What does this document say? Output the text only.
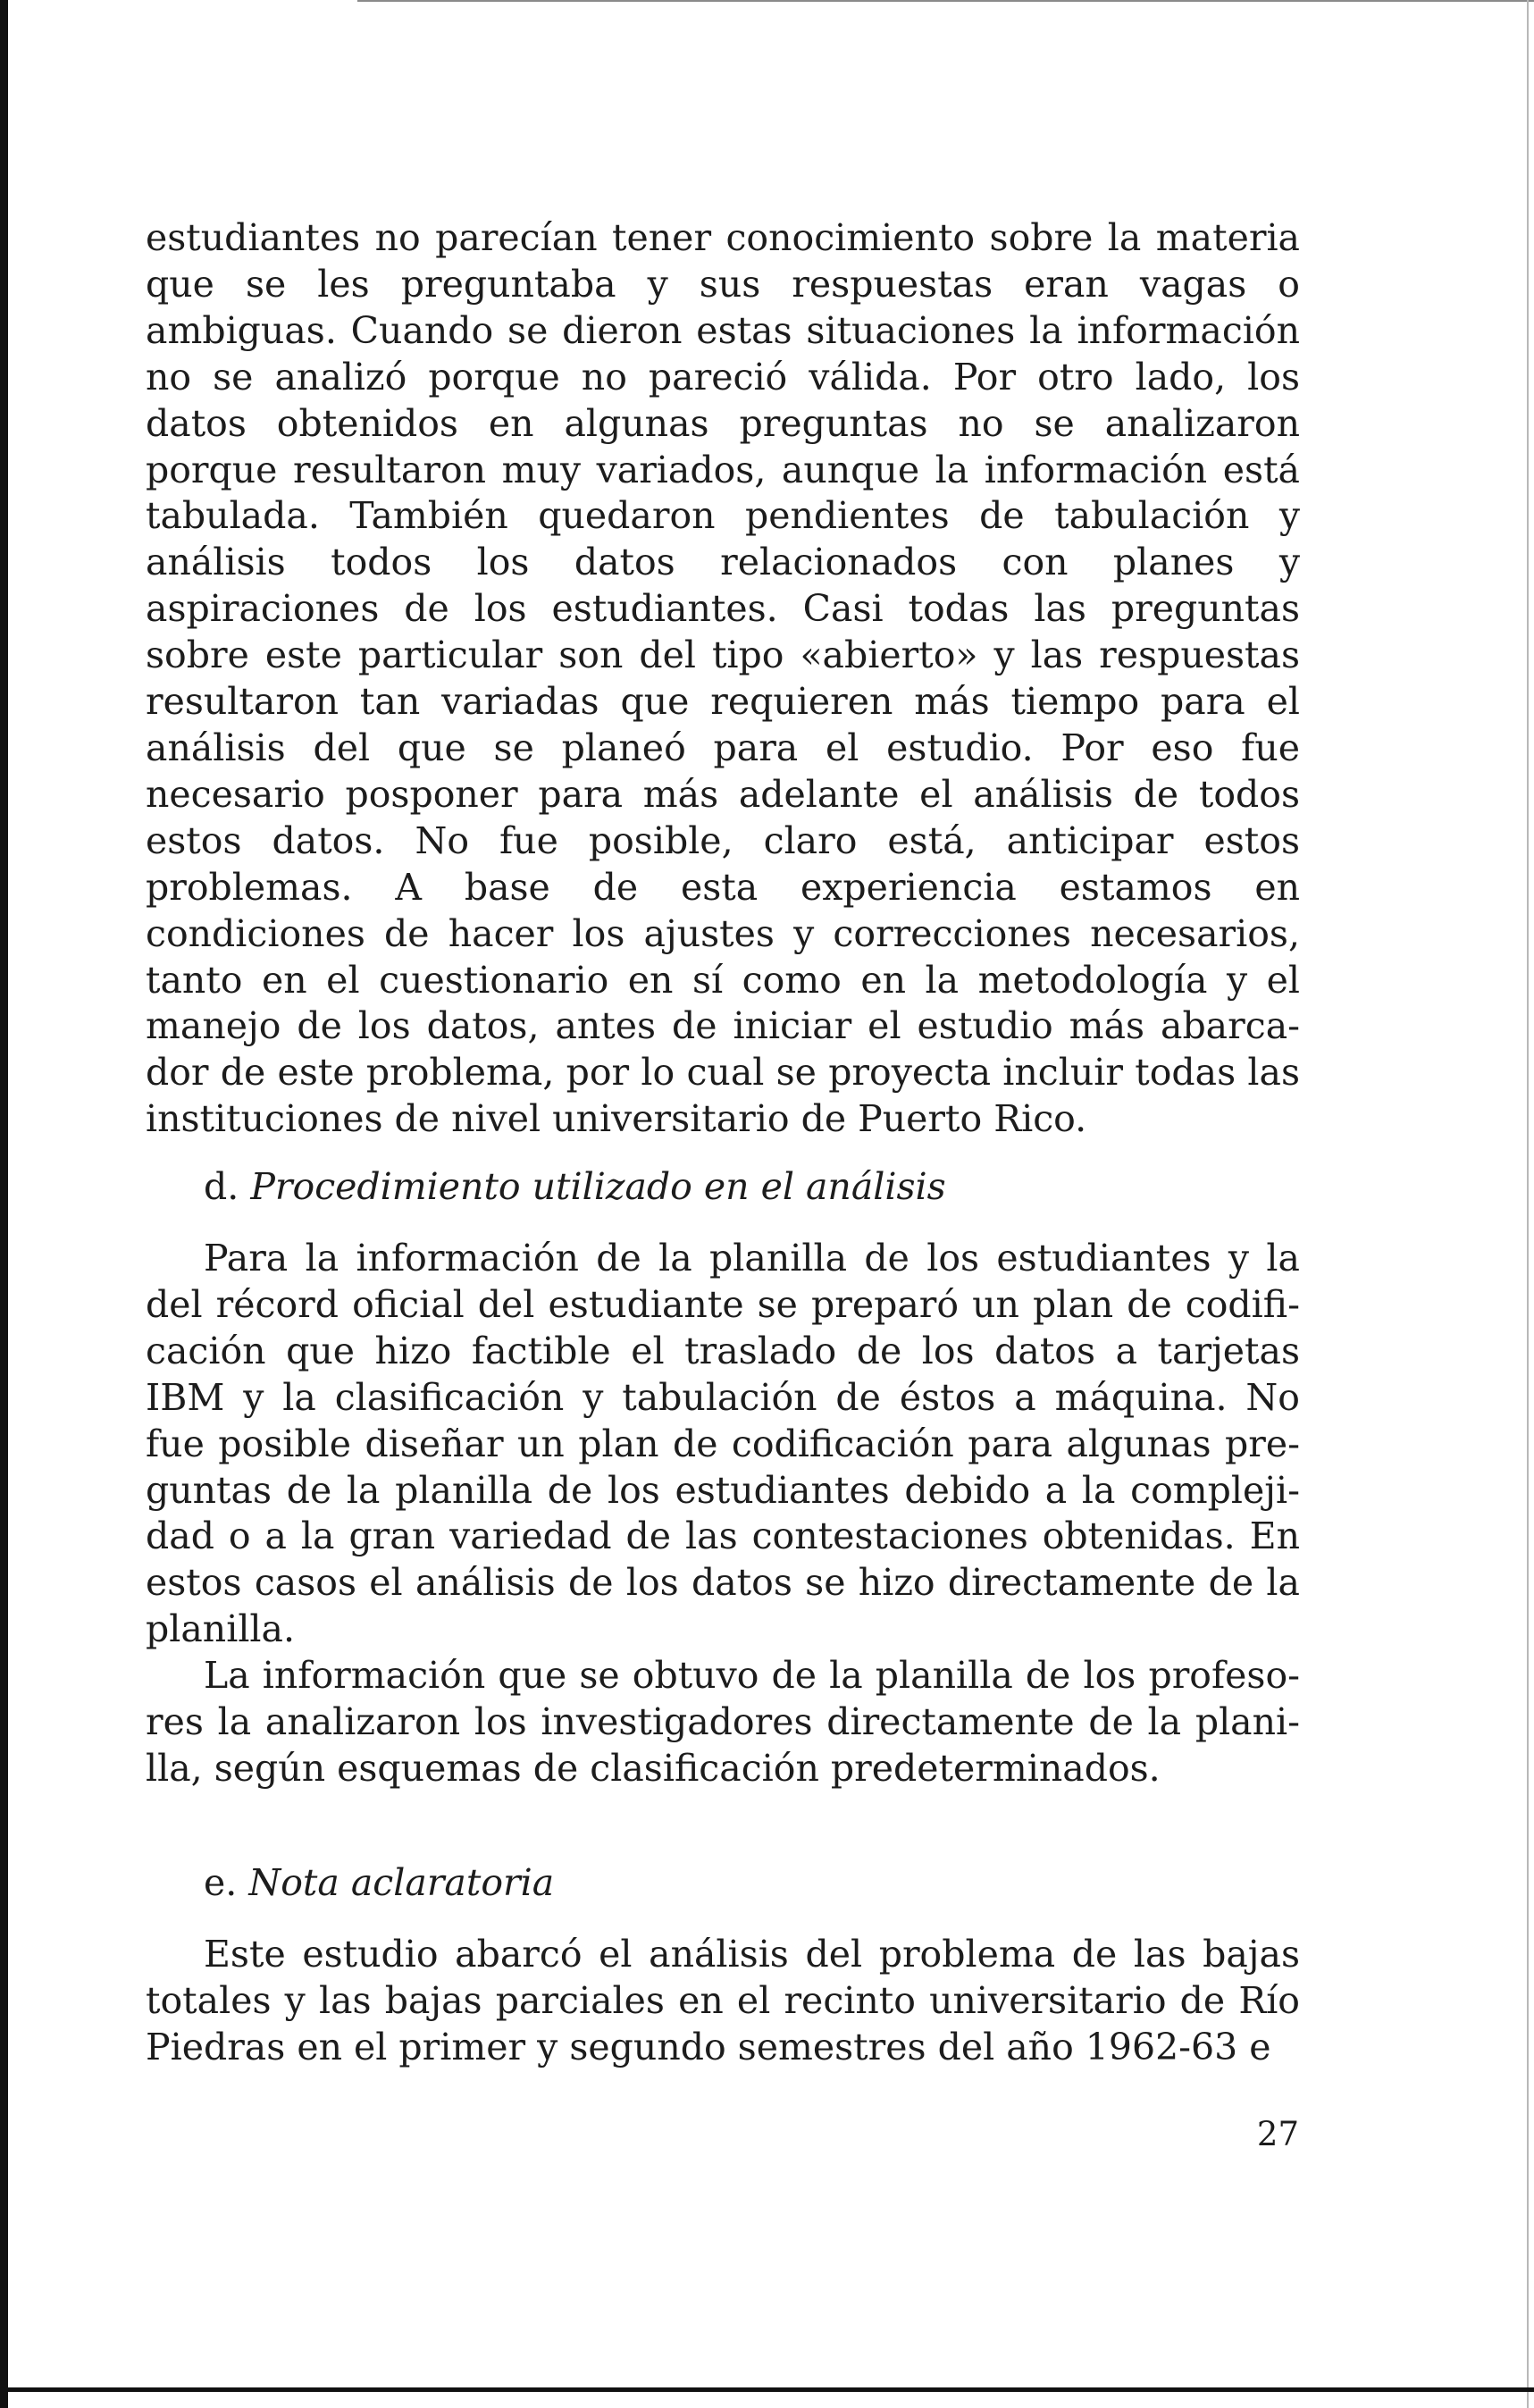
estudiantes no parecían tener conocimiento sobre la materia que se les preguntaba y sus respuestas eran vagas o ambiguas. Cuando se dieron estas situaciones la información no se analizó porque no pareció válida. Por otro lado, los datos obtenidos en algunas preguntas no se analizaron porque resultaron muy variados, aunque la información está tabulada. También quedaron pendientes de tabulación y análisis todos los datos relacionados con planes y aspiraciones de los estudiantes. Casi todas las preguntas sobre este particular son del tipo «abierto» y las respuestas resultaron tan variadas que requieren más tiempo para el análisis del que se planeó para el estudio. Por eso fue necesario posponer para más adelante el análisis de todos estos datos. No fue posible, claro está, anticipar estos problemas. A base de esta experiencia estamos en condiciones de hacer los ajustes y correcciones necesarios, tanto en el cuestionario en sí como en la metodología y el manejo de los datos, antes de iniciar el estudio más abarcador de este problema, por lo cual se proyecta incluir todas las instituciones de nivel universitario de Puerto Rico.

d. Procedimiento utilizado en el análisis

Para la información de la planilla de los estudiantes y la del récord oficial del estudiante se preparó un plan de codificación que hizo factible el traslado de los datos a tarjetas IBM y la clasificación y tabulación de éstos a máquina. No fue posible diseñar un plan de codificación para algunas preguntas de la planilla de los estudiantes debido a la complejidad o a la gran variedad de las contestaciones obtenidas. En estos casos el análisis de los datos se hizo directamente de la planilla.

La información que se obtuvo de la planilla de los profesores la analizaron los investigadores directamente de la planilla, según esquemas de clasificación predeterminados.

e. Nota aclaratoria

Este estudio abarcó el análisis del problema de las bajas totales y las bajas parciales en el recinto universitario de Río Piedras en el primer y segundo semestres del año 1962-63 e

27
